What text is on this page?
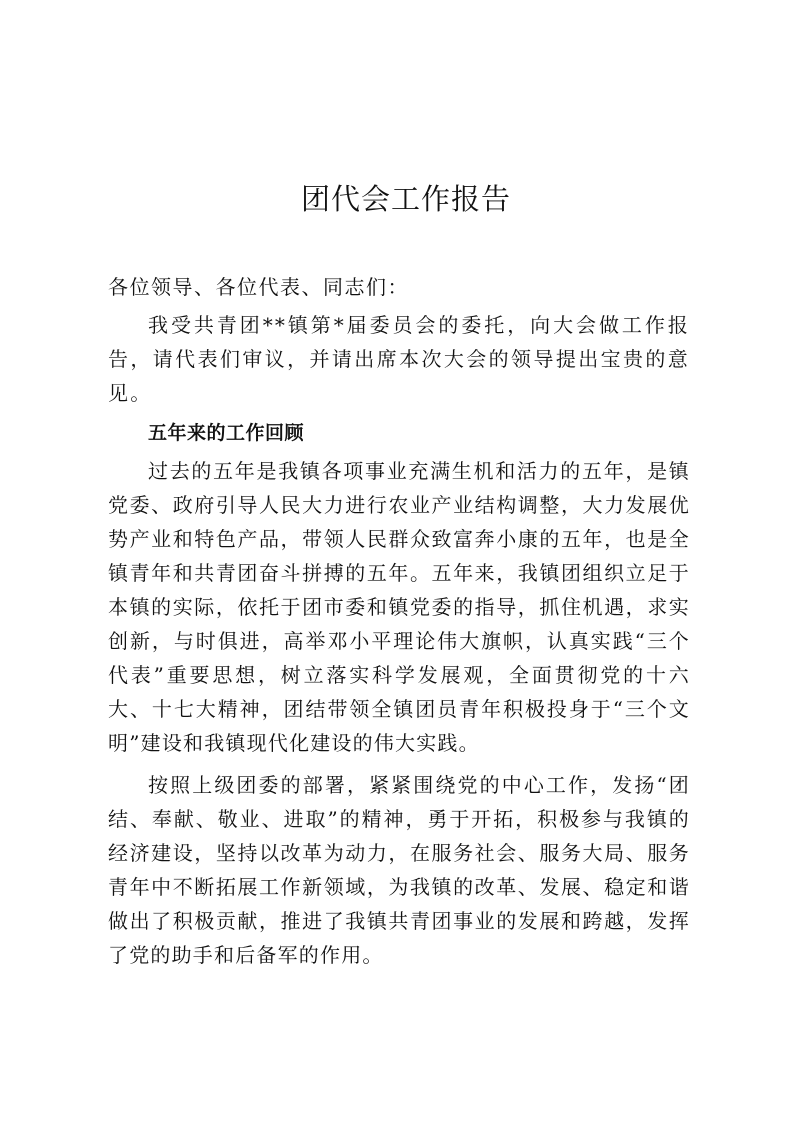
团代会工作报告

各位领导、各位代表、同志们：

我受共青团**镇第*届委员会的委托，向大会做工作报告，请代表们审议，并请出席本次大会的领导提出宝贵的意见。

五年来的工作回顾

过去的五年是我镇各项事业充满生机和活力的五年，是镇党委、政府引导人民大力进行农业产业结构调整，大力发展优势产业和特色产品，带领人民群众致富奔小康的五年，也是全镇青年和共青团奋斗拼搏的五年。五年来，我镇团组织立足于本镇的实际，依托于团市委和镇党委的指导，抓住机遇，求实创新，与时俱进，高举邓小平理论伟大旗帜，认真实践“三个代表”重要思想，树立落实科学发展观，全面贯彻党的十六大、十七大精神，团结带领全镇团员青年积极投身于“三个文明”建设和我镇现代化建设的伟大实践。

按照上级团委的部署，紧紧围绕党的中心工作，发扬“团结、奉献、敬业、进取”的精神，勇于开拓，积极参与我镇的经济建设，坚持以改革为动力，在服务社会、服务大局、服务青年中不断拓展工作新领域，为我镇的改革、发展、稳定和谐做出了积极贡献，推进了我镇共青团事业的发展和跨越，发挥了党的助手和后备军的作用。
